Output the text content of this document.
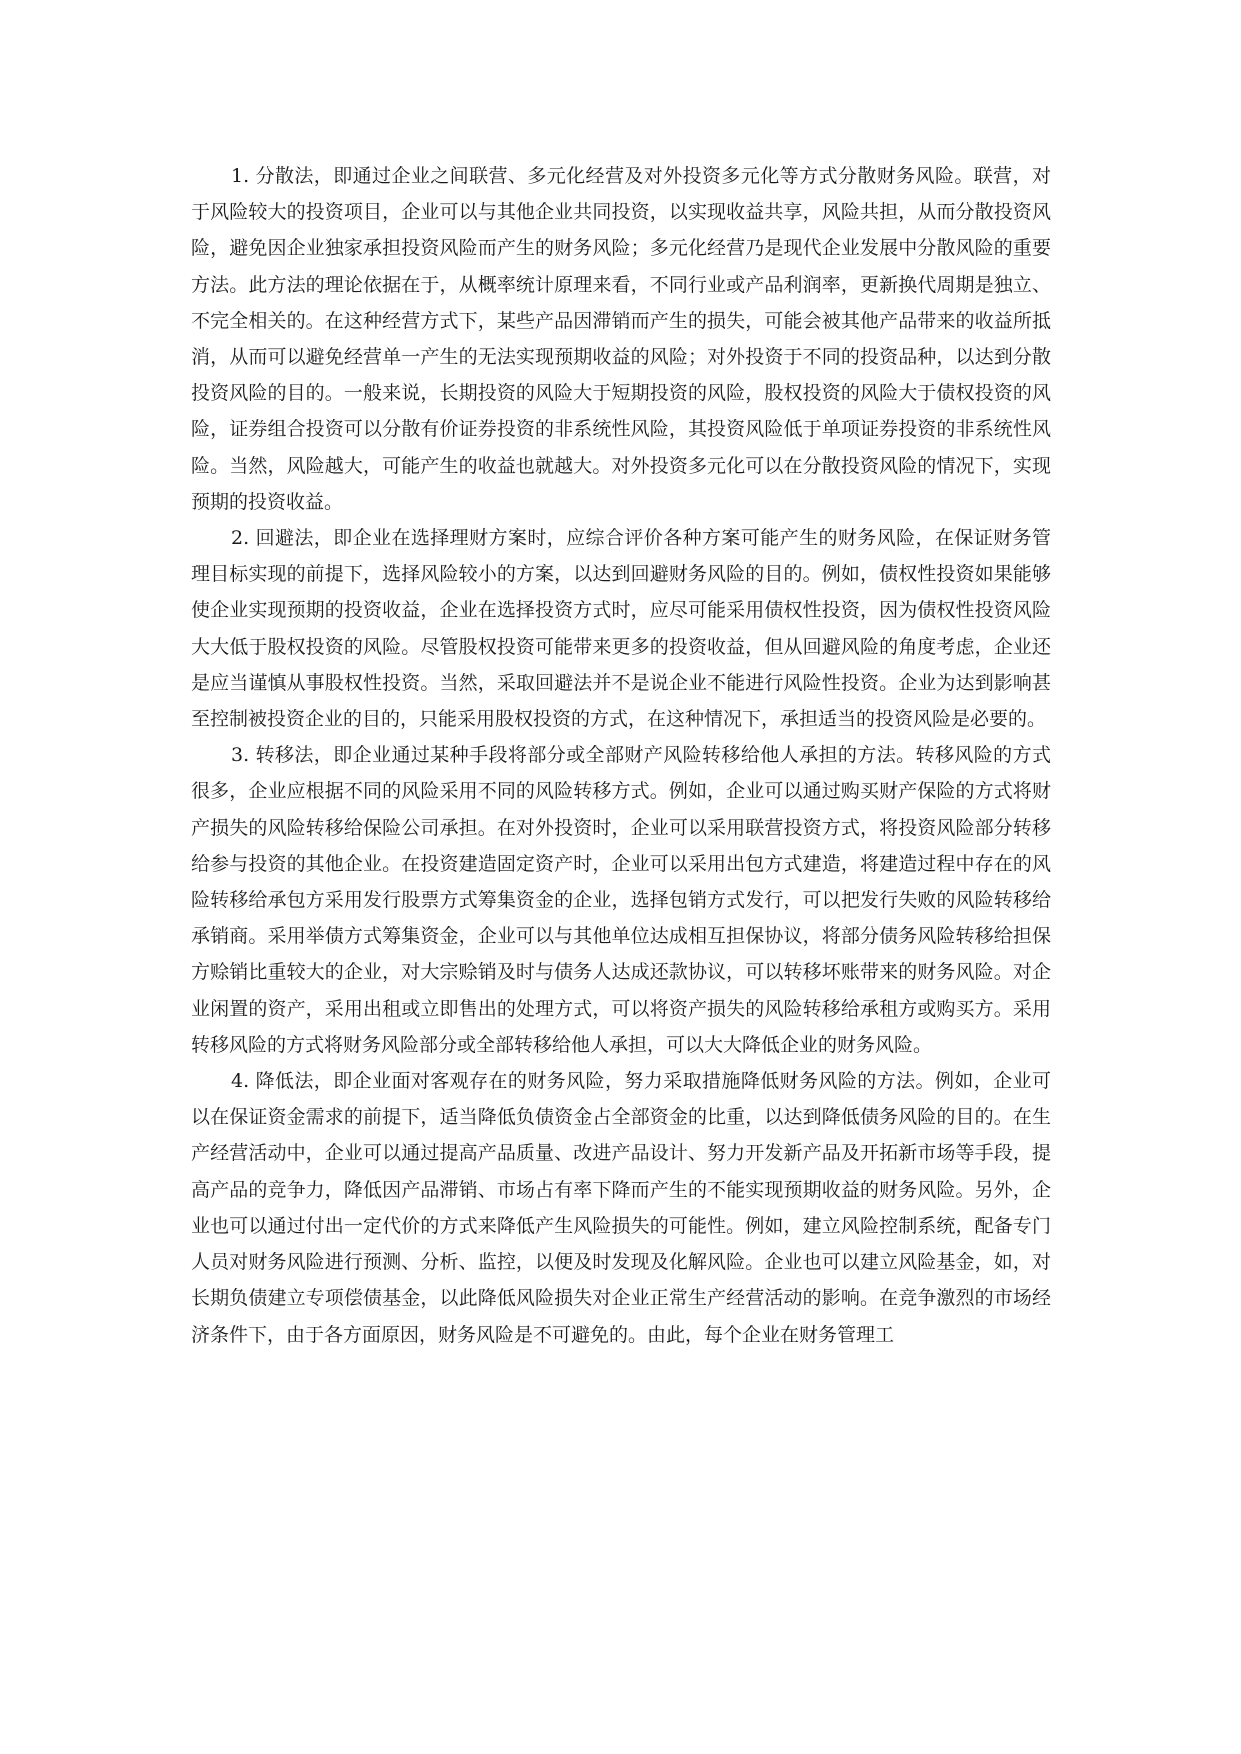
1. 分散法，即通过企业之间联营、多元化经营及对外投资多元化等方式分散财务风险。联营，对于风险较大的投资项目，企业可以与其他企业共同投资，以实现收益共享，风险共担，从而分散投资风险，避免因企业独家承担投资风险而产生的财务风险；多元化经营乃是现代企业发展中分散风险的重要方法。此方法的理论依据在于，从概率统计原理来看，不同行业或产品利润率，更新换代周期是独立、不完全相关的。在这种经营方式下，某些产品因滞销而产生的损失，可能会被其他产品带来的收益所抵消，从而可以避免经营单一产生的无法实现预期收益的风险；对外投资于不同的投资品种，以达到分散投资风险的目的。一般来说，长期投资的风险大于短期投资的风险，股权投资的风险大于债权投资的风险，证券组合投资可以分散有价证券投资的非系统性风险，其投资风险低于单项证券投资的非系统性风险。当然，风险越大，可能产生的收益也就越大。对外投资多元化可以在分散投资风险的情况下，实现预期的投资收益。

2. 回避法，即企业在选择理财方案时，应综合评价各种方案可能产生的财务风险，在保证财务管理目标实现的前提下，选择风险较小的方案，以达到回避财务风险的目的。例如，债权性投资如果能够使企业实现预期的投资收益，企业在选择投资方式时，应尽可能采用债权性投资，因为债权性投资风险大大低于股权投资的风险。尽管股权投资可能带来更多的投资收益，但从回避风险的角度考虑，企业还是应当谨慎从事股权性投资。当然，采取回避法并不是说企业不能进行风险性投资。企业为达到影响甚至控制被投资企业的目的，只能采用股权投资的方式，在这种情况下，承担适当的投资风险是必要的。

3. 转移法，即企业通过某种手段将部分或全部财产风险转移给他人承担的方法。转移风险的方式很多，企业应根据不同的风险采用不同的风险转移方式。例如，企业可以通过购买财产保险的方式将财产损失的风险转移给保险公司承担。在对外投资时，企业可以采用联营投资方式，将投资风险部分转移给参与投资的其他企业。在投资建造固定资产时，企业可以采用出包方式建造，将建造过程中存在的风险转移给承包方采用发行股票方式筹集资金的企业，选择包销方式发行，可以把发行失败的风险转移给承销商。采用举债方式筹集资金，企业可以与其他单位达成相互担保协议，将部分债务风险转移给担保方赊销比重较大的企业，对大宗赊销及时与债务人达成还款协议，可以转移坏账带来的财务风险。对企业闲置的资产，采用出租或立即售出的处理方式，可以将资产损失的风险转移给承租方或购买方。采用转移风险的方式将财务风险部分或全部转移给他人承担，可以大大降低企业的财务风险。

4. 降低法，即企业面对客观存在的财务风险，努力采取措施降低财务风险的方法。例如，企业可以在保证资金需求的前提下，适当降低负债资金占全部资金的比重，以达到降低债务风险的目的。在生产经营活动中，企业可以通过提高产品质量、改进产品设计、努力开发新产品及开拓新市场等手段，提高产品的竞争力，降低因产品滞销、市场占有率下降而产生的不能实现预期收益的财务风险。另外，企业也可以通过付出一定代价的方式来降低产生风险损失的可能性。例如，建立风险控制系统，配备专门人员对财务风险进行预测、分析、监控，以便及时发现及化解风险。企业也可以建立风险基金，如，对长期负债建立专项偿债基金，以此降低风险损失对企业正常生产经营活动的影响。在竞争激烈的市场经济条件下，由于各方面原因，财务风险是不可避免的。由此，每个企业在财务管理工
